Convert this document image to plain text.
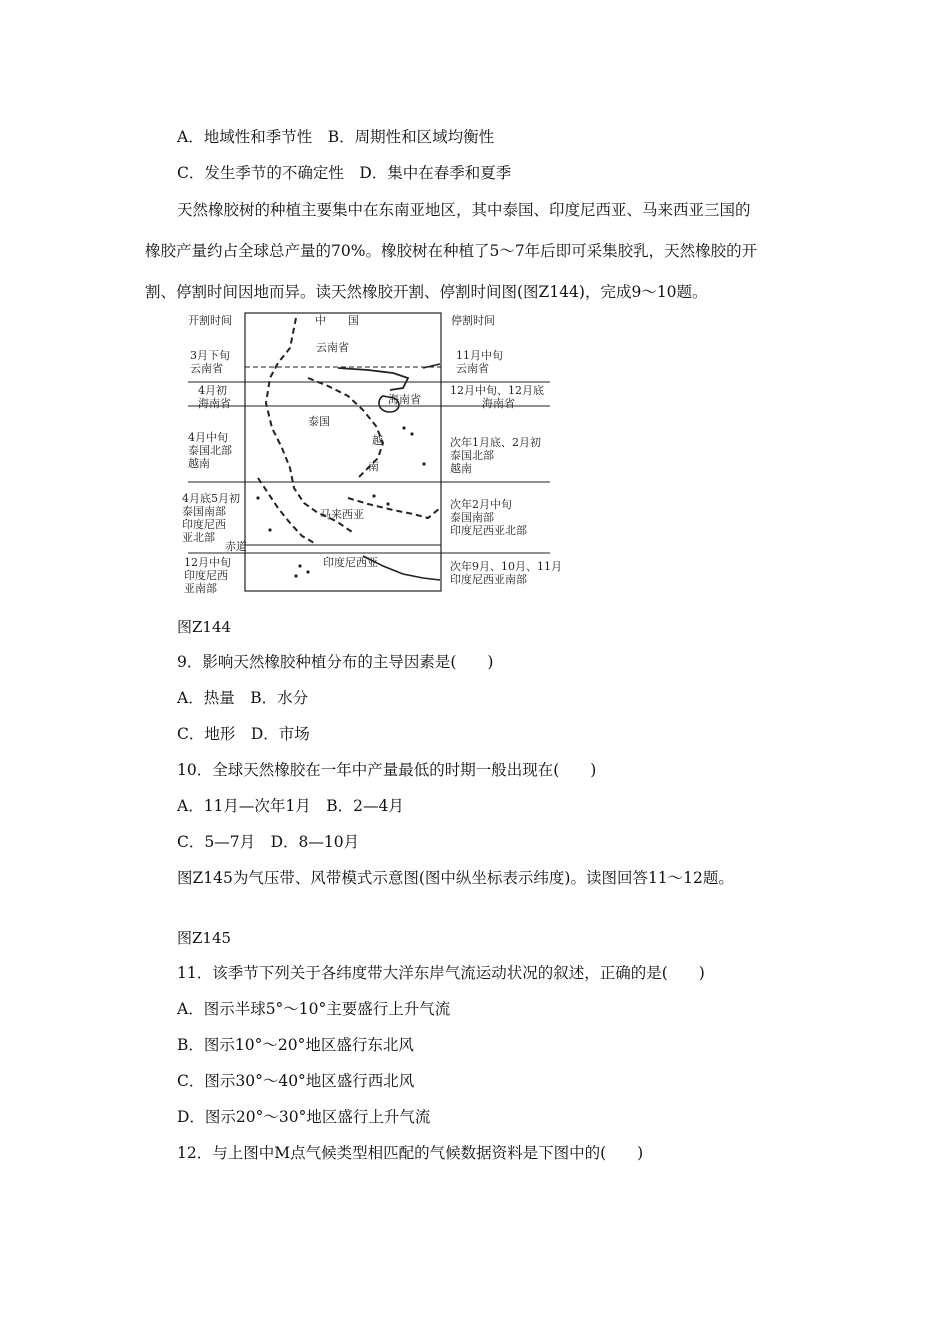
A．地域性和季节性　B．周期性和区域均衡性
C．发生季节的不确定性　D．集中在春季和夏季
天然橡胶树的种植主要集中在东南亚地区，其中泰国、印度尼西亚、马来西亚三国的
橡胶产量约占全球总产量的70%。橡胶树在种植了5～7年后即可采集胶乳，天然橡胶的开
割、停割时间因地而异。读天然橡胶开割、停割时间图(图Z144)，完成9～10题。
开割时间	停割时间
中　　国
云南省
海南省
泰国
越
南
马来西亚
赤道
印度尼西亚
3月下旬
云南省
4月初
海南省
4月中旬
泰国北部
越南
4月底5月初
泰国南部
印度尼西
亚北部
12月中旬
印度尼西
亚南部
11月中旬
云南省
12月中旬、12月底
海南省
次年1月底、2月初
泰国北部
越南
次年2月中旬
泰国南部
印度尼西亚北部
次年9月、10月、11月
印度尼西亚南部
图Z144
9．影响天然橡胶种植分布的主导因素是(　　)
A．热量　B．水分
C．地形　D．市场
10．全球天然橡胶在一年中产量最低的时期一般出现在(　　)
A．11月—次年1月　B．2—4月
C．5—7月　D．8—10月
图Z145为气压带、风带模式示意图(图中纵坐标表示纬度)。读图回答11～12题。
图Z145
11．该季节下列关于各纬度带大洋东岸气流运动状况的叙述，正确的是(　　)
A．图示半球5°～10°主要盛行上升气流
B．图示10°～20°地区盛行东北风
C．图示30°～40°地区盛行西北风
D．图示20°～30°地区盛行上升气流
12．与上图中M点气候类型相匹配的气候数据资料是下图中的(　　)
